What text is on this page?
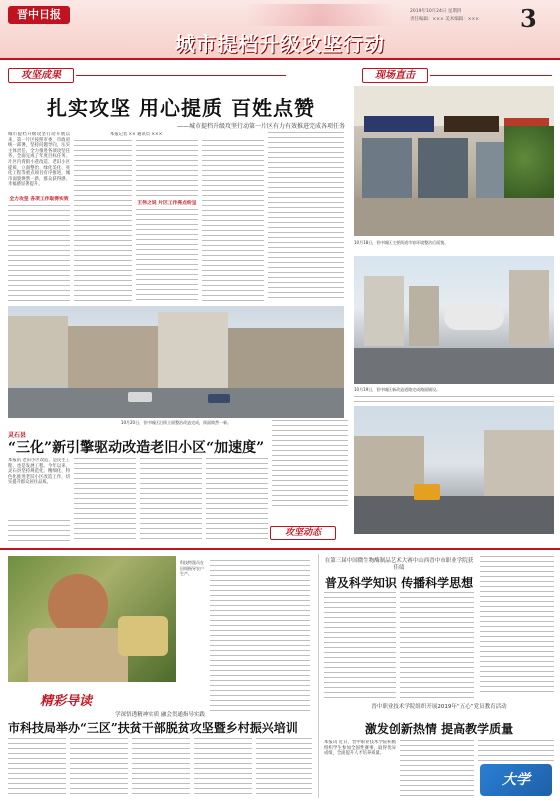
晋中日报
城市提档升级攻坚行动
2019年10月24日 星期四
责任编辑：××× 美术编辑：××× 3
攻坚成果
扎实攻坚 用心提质 百姓点赞
——城市提档升级攻坚行动第一片区有力有效推进完成各项任务
本报记者 ×× 通讯员 ×××
城市提档升级攻坚行动开展以来，第一片区按照市委、市政府统一部署，坚持问题导向，压实主体责任，全力推进各项攻坚任务，全面完成了年度目标任务。片区内背街小巷改造、老旧小区提质、立面整治、绿化美化、亮化工程等重点项目有序推进，城市面貌焕然一新，群众获得感、幸福感显著提升。
全力攻坚 各项工作取得实效
王伟之说 片区工作亮点纷呈
现场直击
10月18日，晋中城区主要街道市容环境整治后面貌。
10月20日，晋中城区沿街立面整治改造完成，街面焕然一新。
灵石县
“三化”新引擎驱动改造老旧小区“加速度”
本报讯 老旧小区改造，是民生工程，也是发展工程。今年以来，灵石县坚持规范化、精细化、特色化推进老旧小区改造工作，切实提升群众居住品质。
攻坚动态
10月19日，晋中城区新改造道路完成路面铺设。
科技特派员在田间指导农户生产。
精彩导读
学深悟透精神实质 融会贯通指导实践
市科技局举办“三区”扶贫干部脱贫攻坚暨乡村振兴培训
在第三届中国微生物酶制品艺术大赛中山西晋中市职业学院获佳绩
普及科学知识 传播科学思想
晋中职业技术学院组织开展2019年“五心”党员教育活动
激发创新热情 提高教学质量
本报讯 近日，晋中职业技术学院积极组织学生参加全国性赛事，取得优异成绩，全面提升人才培养质量。
大学
